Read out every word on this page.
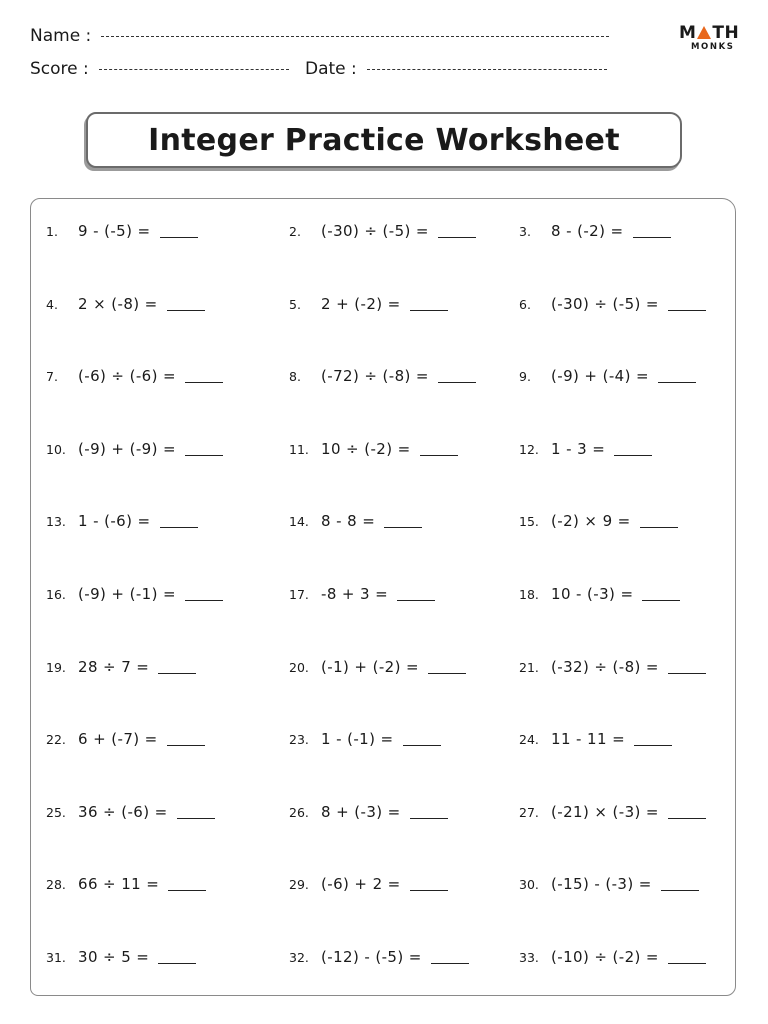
Name :
Score :	Date :
M TH
MONKS
Integer Practice Worksheet
1.	9 - (-5) =	2.	(-30) ÷ (-5) =	3.	8 - (-2) =
4.	2 × (-8) =	5.	2 + (-2) =	6.	(-30) ÷ (-5) =
7.	(-6) ÷ (-6) =	8.	(-72) ÷ (-8) =	9.	(-9) + (-4) =
10. (-9) + (-9) =	11. 10 ÷ (-2) =	12. 1 - 3 =
13. 1 - (-6) =	14. 8 - 8 =	15. (-2) × 9 =
16. (-9) + (-1) =	17. -8 + 3 =	18. 10 - (-3) =
19. 28 ÷ 7 =	20. (-1) + (-2) =	21. (-32) ÷ (-8) =
22. 6 + (-7) =	23. 1 - (-1) =	24. 11 - 11 =
25. 36 ÷ (-6) =	26. 8 + (-3) =	27. (-21) × (-3) =
28. 66 ÷ 11 =	29. (-6) + 2 =	30. (-15) - (-3) =
31. 30 ÷ 5 =	32. (-12) - (-5) =	33. (-10) ÷ (-2) =
